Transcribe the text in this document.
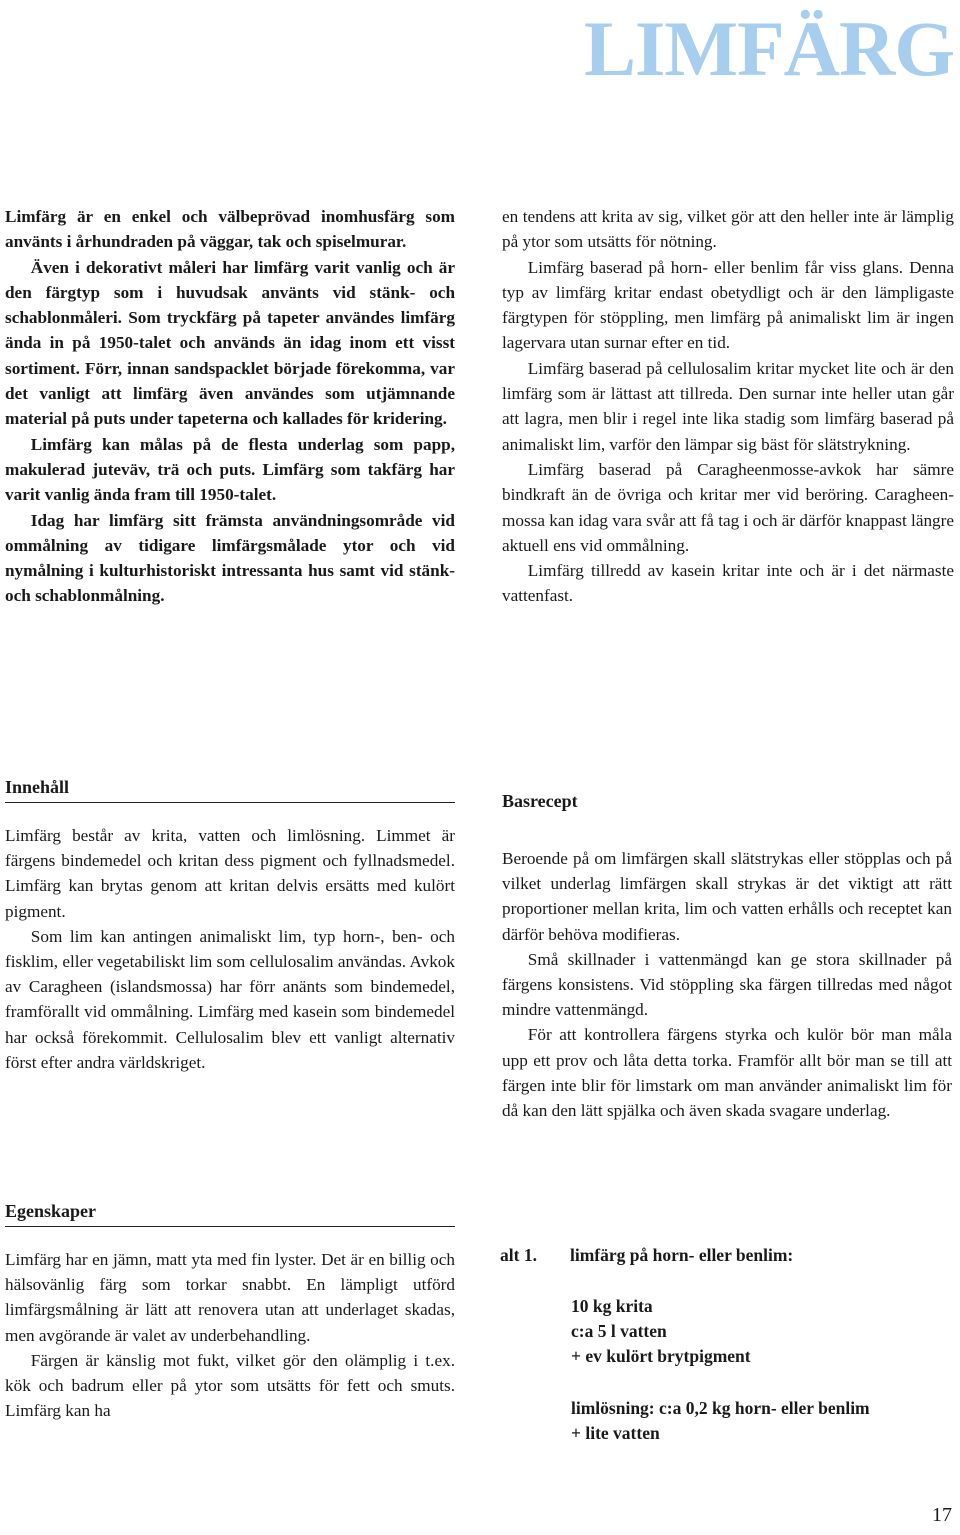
LIMFÄRG

Limfärg är en enkel och välbeprövad inomhusfärg som använts i århundraden på väggar, tak och spiselmurar.

Även i dekorativt måleri har limfärg varit vanlig och är den färgtyp som i huvudsak använts vid stänk- och schablonmåleri. Som tryckfärg på tapeter användes limfärg ända in på 1950-talet och används än idag inom ett visst sortiment. Förr, innan sandspacklet började förekomma, var det vanligt att limfärg även användes som utjämnande material på puts under tapeterna och kallades för kridering.

Limfärg kan målas på de flesta underlag som papp, makulerad juteväv, trä och puts. Limfärg som takfärg har varit vanlig ända fram till 1950-talet.

Idag har limfärg sitt främsta användningsområde vid ommålning av tidigare limfärgsmålade ytor och vid nymålning i kulturhistoriskt intressanta hus samt vid stänk- och schablonmålning.

en tendens att krita av sig, vilket gör att den heller inte är lämplig på ytor som utsätts för nötning.

Limfärg baserad på horn- eller benlim får viss glans. Denna typ av limfärg kritar endast obetydligt och är den lämpligaste färgtypen för stöppling, men limfärg på animaliskt lim är ingen lagervara utan surnar efter en tid.

Limfärg baserad på cellulosalim kritar mycket lite och är den limfärg som är lättast att tillreda. Den surnar inte heller utan går att lagra, men blir i regel inte lika stadig som limfärg baserad på animaliskt lim, varför den lämpar sig bäst för slätstrykning.

Limfärg baserad på Caragheenmosse-avkok har sämre bindkraft än de övriga och kritar mer vid beröring. Caragheen-mossa kan idag vara svår att få tag i och är därför knappast längre aktuell ens vid ommålning.

Limfärg tillredd av kasein kritar inte och är i det närmaste vattenfast.

Innehåll

Limfärg består av krita, vatten och limlösning. Limmet är färgens bindemedel och kritan dess pigment och fyllnadsmedel. Limfärg kan brytas genom att kritan delvis ersätts med kulört pigment.

Som lim kan antingen animaliskt lim, typ horn-, ben- och fisklim, eller vegetabiliskt lim som cellulosalim användas. Avkok av Caragheen (islandsmossa) har förr anänts som bindemedel, framförallt vid ommålning. Limfärg med kasein som bindemedel har också förekommit. Cellulosalim blev ett vanligt alternativ först efter andra världskriget.

Egenskaper

Limfärg har en jämn, matt yta med fin lyster. Det är en billig och hälsovänlig färg som torkar snabbt. En lämpligt utförd limfärgsmålning är lätt att renovera utan att underlaget skadas, men avgörande är valet av underbehandling.

Färgen är känslig mot fukt, vilket gör den olämplig i t.ex. kök och badrum eller på ytor som utsätts för fett och smuts. Limfärg kan ha

Basrecept

Beroende på om limfärgen skall slätstrykas eller stöpplas och på vilket underlag limfärgen skall strykas är det viktigt att rätt proportioner mellan krita, lim och vatten erhålls och receptet kan därför behöva modifieras.

Små skillnader i vattenmängd kan ge stora skillnader på färgens konsistens. Vid stöppling ska färgen tillredas med något mindre vattenmängd.

För att kontrollera färgens styrka och kulör bör man måla upp ett prov och låta detta torka. Framför allt bör man se till att färgen inte blir för limstark om man använder animaliskt lim för då kan den lätt spjälka och även skada svagare underlag.

alt 1. limfärg på horn- eller benlim:
10 kg krita
c:a 5 l vatten
+ ev kulört brytpigment
limlösning: c:a 0,2 kg horn- eller benlim
+ lite vatten
17
